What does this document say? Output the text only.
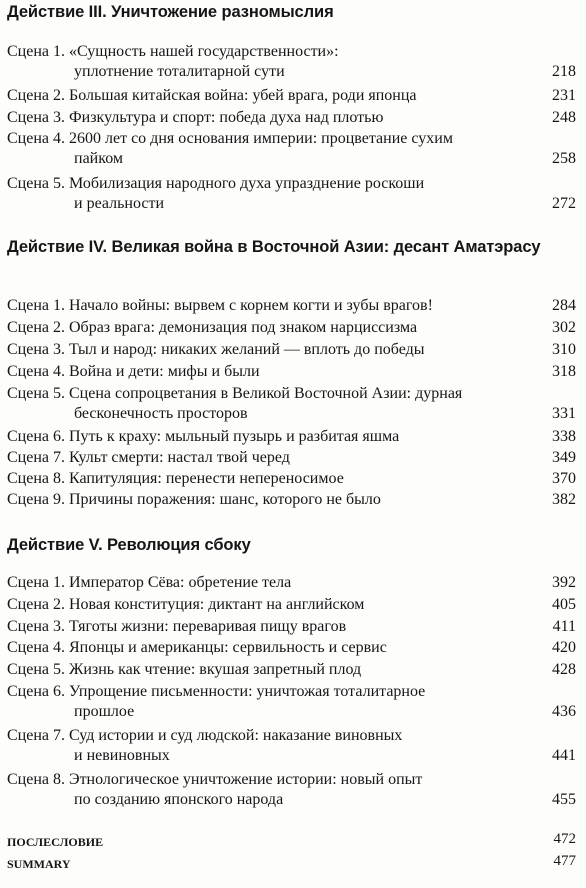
Действие III. Уничтожение разномыслия
Сцена 1. «Сущность нашей государственности»:
уплотнение тоталитарной сути	218
Сцена 2. Большая китайская война: убей врага, роди японца	231
Сцена 3. Физкультура и спорт: победа духа над плотью	248
Сцена 4. 2600 лет со дня основания империи: процветание сухим
пайком	258
Сцена 5. Мобилизация народного духа упразднение роскоши
и реальности	272
Действие IV. Великая война в Восточной Азии: десант Аматэрасу
Сцена 1. Начало войны: вырвем с корнем когти и зубы врагов!	284
Сцена 2. Образ врага: демонизация под знаком нарциссизма	302
Сцена 3. Тыл и народ: никаких желаний — вплоть до победы	310
Сцена 4. Война и дети: мифы и были	318
Сцена 5. Сцена сопроцветания в Великой Восточной Азии: дурная
бесконечность просторов	331
Сцена 6. Путь к краху: мыльный пузырь и разбитая яшма	338
Сцена 7. Культ смерти: настал твой черед	349
Сцена 8. Капитуляция: перенести непереносимое	370
Сцена 9. Причины поражения: шанс, которого не было	382
Действие V. Революция сбоку
Сцена 1. Император Сёва: обретение тела	392
Сцена 2. Новая конституция: диктант на английском	405
Сцена 3. Тяготы жизни: переваривая пищу врагов	411
Сцена 4. Японцы и американцы: сервильность и сервис	420
Сцена 5. Жизнь как чтение: вкушая запретный плод	428
Сцена 6. Упрощение письменности: уничтожая тоталитарное
прошлое	436
Сцена 7. Суд истории и суд людской: наказание виновных
и невиновных	441
Сцена 8. Этнологическое уничтожение истории: новый опыт
по созданию японского народа	455
ПОСЛЕСЛОВИЕ	472
SUMMARY	477
